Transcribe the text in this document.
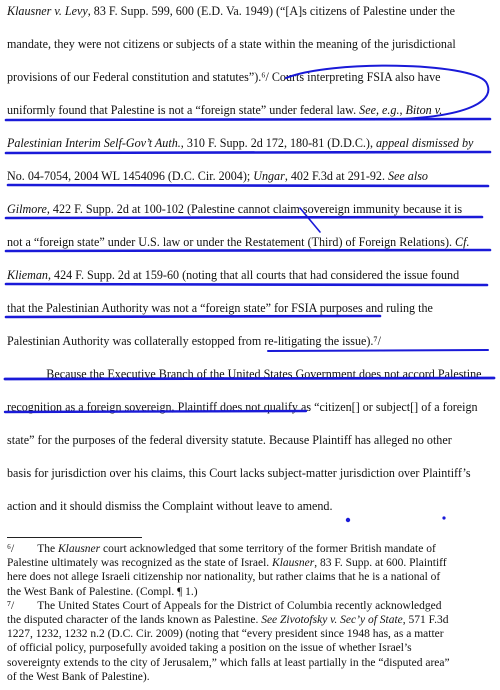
Klausner v. Levy, 83 F. Supp. 599, 600 (E.D. Va. 1949) (“[A]s citizens of Palestine under the
mandate, they were not citizens or subjects of a state within the meaning of the jurisdictional
provisions of our Federal constitution and statutes”).⁶/ Courts interpreting FSIA also have
uniformly found that Palestine is not a “foreign state” under federal law. See, e.g., Biton v.
Palestinian Interim Self-Gov’t Auth., 310 F. Supp. 2d 172, 180-81 (D.D.C.), appeal dismissed by
No. 04-7054, 2004 WL 1454096 (D.C. Cir. 2004); Ungar, 402 F.3d at 291-92. See also
Gilmore, 422 F. Supp. 2d at 100-102 (Palestine cannot claim sovereign immunity because it is
not a “foreign state” under U.S. law or under the Restatement (Third) of Foreign Relations). Cf.
Klieman, 424 F. Supp. 2d at 159-60 (noting that all courts that had considered the issue found
that the Palestinian Authority was not a “foreign state” for FSIA purposes and ruling the
Palestinian Authority was collaterally estopped from re-litigating the issue).⁷/
Because the Executive Branch of the United States Government does not accord Palestine
recognition as a foreign sovereign, Plaintiff does not qualify as “citizen[] or subject[] of a foreign
state” for the purposes of the federal diversity statute. Because Plaintiff has alleged no other
basis for jurisdiction over his claims, this Court lacks subject-matter jurisdiction over Plaintiff’s
action and it should dismiss the Complaint without leave to amend.
⁶/        The Klausner court acknowledged that some territory of the former British mandate of
Palestine ultimately was recognized as the state of Israel. Klausner, 83 F. Supp. at 600. Plaintiff
here does not allege Israeli citizenship nor nationality, but rather claims that he is a national of
the West Bank of Palestine. (Compl. ¶ 1.)
⁷/        The United States Court of Appeals for the District of Columbia recently acknowledged
the disputed character of the lands known as Palestine. See Zivotofsky v. Sec’y of State, 571 F.3d
1227, 1232, 1232 n.2 (D.C. Cir. 2009) (noting that “every president since 1948 has, as a matter
of official policy, purposefully avoided taking a position on the issue of whether Israel’s
sovereignty extends to the city of Jerusalem,” which falls at least partially in the “disputed area”
of the West Bank of Palestine).
